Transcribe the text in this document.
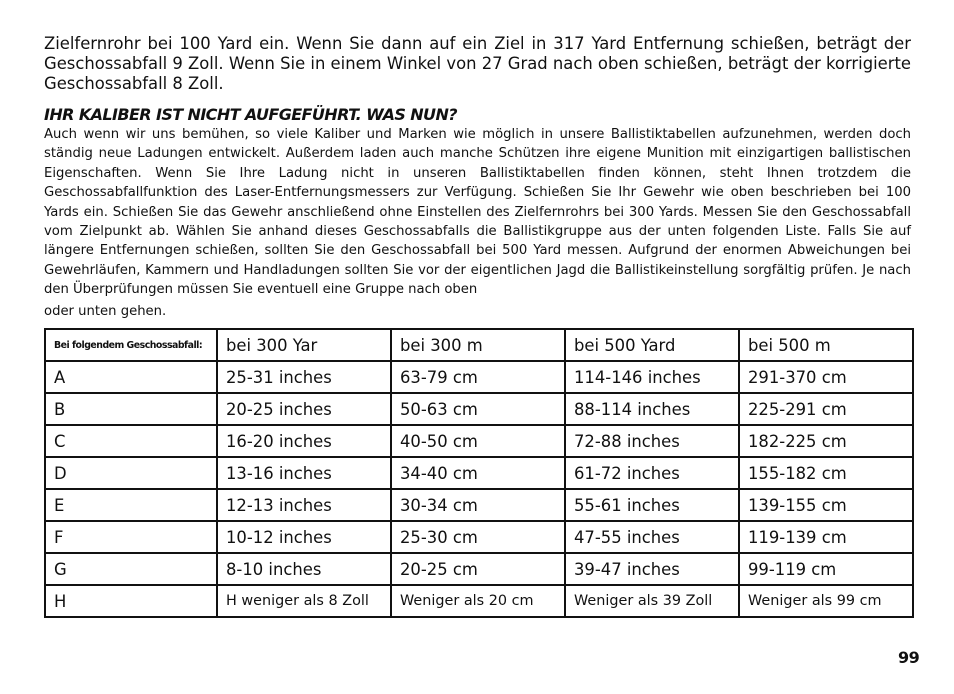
Zielfernrohr bei 100 Yard ein. Wenn Sie dann auf ein Ziel in 317 Yard Entfernung schießen, beträgt der Geschossabfall 9 Zoll. Wenn Sie in einem Winkel von 27 Grad nach oben schießen, beträgt der korrigierte Geschossabfall 8 Zoll.

IHR KALIBER IST NICHT AUFGEFÜHRT. WAS NUN?
Auch wenn wir uns bemühen, so viele Kaliber und Marken wie möglich in unsere Ballistiktabellen aufzunehmen, werden doch ständig neue Ladungen entwickelt. Außerdem laden auch manche Schützen ihre eigene Munition mit einzigartigen ballistischen Eigenschaften. Wenn Sie Ihre Ladung nicht in unseren Ballistiktabellen finden können, steht Ihnen trotzdem die Geschossabfallfunktion des Laser-Entfernungsmessers zur Verfügung. Schießen Sie Ihr Gewehr wie oben beschrieben bei 100 Yards ein. Schießen Sie das Gewehr anschließend ohne Einstellen des Zielfernrohrs bei 300 Yards. Messen Sie den Geschossabfall vom Zielpunkt ab. Wählen Sie anhand dieses Geschossabfalls die Ballistikgruppe aus der unten folgenden Liste. Falls Sie auf längere Entfernungen schießen, sollten Sie den Geschossabfall bei 500 Yard messen. Aufgrund der enormen Abweichungen bei Gewehrläufen, Kammern und Handladungen sollten Sie vor der eigentlichen Jagd die Ballistikeinstellung sorgfältig prüfen. Je nach den Überprüfungen müssen Sie eventuell eine Gruppe nach oben
oder unten gehen.
Bei folgendem Geschossabfall:	bei 300 Yar	bei 300 m	bei 500 Yard	bei 500 m
A	25-31 inches	63-79 cm	114-146 inches	291-370 cm
B	20-25 inches	50-63 cm	88-114 inches	225-291 cm
C	16-20 inches	40-50 cm	72-88 inches	182-225 cm
D	13-16 inches	34-40 cm	61-72 inches	155-182 cm
E	12-13 inches	30-34 cm	55-61 inches	139-155 cm
F	10-12 inches	25-30 cm	47-55 inches	119-139 cm
G	8-10 inches	20-25 cm	39-47 inches	99-119 cm
H	H weniger als 8 Zoll	Weniger als 20 cm	Weniger als 39 Zoll	Weniger als 99 cm
99
